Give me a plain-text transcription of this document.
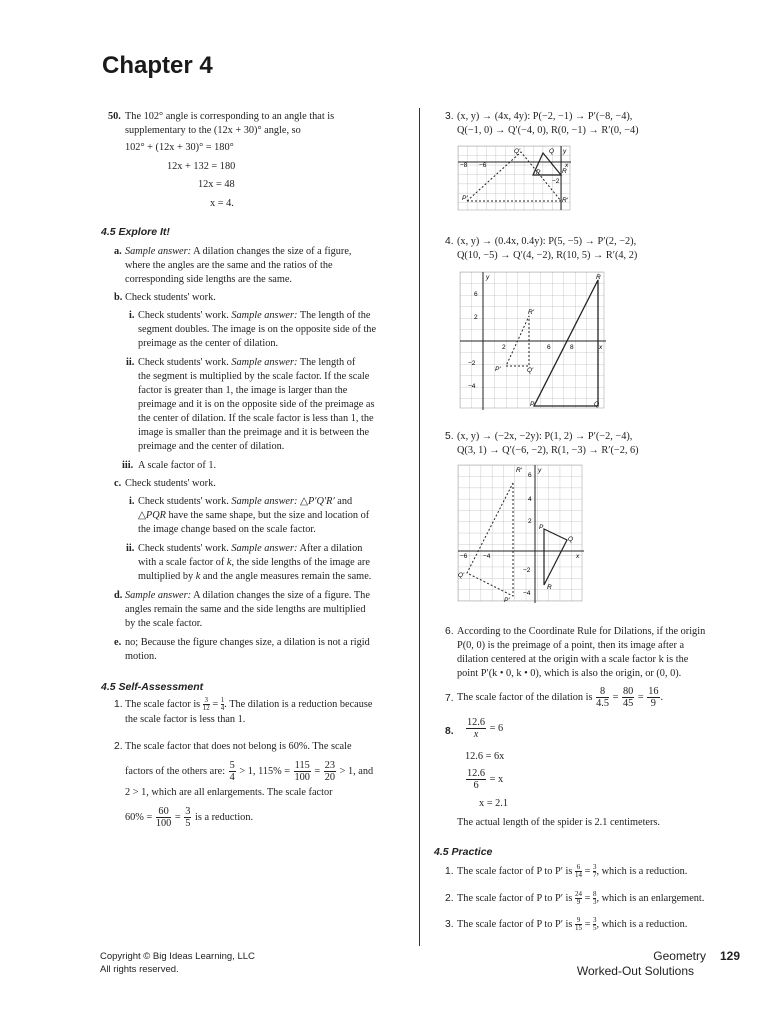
Chapter 4
50. The 102° angle is corresponding to an angle that is
supplementary to the (12x + 30)° angle, so
102° + (12x + 30)° = 180°
12x + 132 = 180
12x = 48
x = 4.
4.5 Explore It!
a. Sample answer: A dilation changes the size of a figure,
where the angles are the same and the ratios of the
corresponding side lengths are the same.
b. Check students' work.
i. Check students' work. Sample answer: The length of the
segment doubles. The image is on the opposite side of the
preimage as the center of dilation.
ii. Check students' work. Sample answer: The length of
the segment is multiplied by the scale factor. If the scale
factor is greater than 1, the image is larger than the
preimage and it is on the opposite side of the preimage as
the center of dilation. If the scale factor is less than 1, the
image is smaller than the preimage and it is between the
preimage and the center of dilation.
iii. A scale factor of 1.
c. Check students' work.
i. Check students' work. Sample answer: △P′Q′R′ and
△PQR have the same shape, but the size and location of
the image change based on the scale factor.
ii. Check students' work. Sample answer: After a dilation
with a scale factor of k, the side lengths of the image are
multiplied by k and the angle measures remain the same.
d. Sample answer: A dilation changes the size of a figure. The
angles remain the same and the side lengths are multiplied
by the scale factor.
e. no; Because the figure changes size, a dilation is not a rigid
motion.
4.5 Self-Assessment
1. The scale factor is $\frac{3}{12} = \frac{1}{4}$ . The dilation is a reduction because
the scale factor is less than 1.
2. The scale factor that does not belong is 60%. The scale
factors of the others are: $\frac{5}{4} > 1$, $115\% = \frac{115}{100} = \frac{23}{20} > 1$, and
2 > 1, which are all enlargements. The scale factor
$60\% = \frac{60}{100} = \frac{3}{5}$ is a reduction.
3. (x, y) → (4x, 4y): P(−2, −1) → P′(−8, −4),
Q(−1, 0) → Q′(−4, 0), R(0, −1) → R′(0, −4)
4. (x, y) → (0.4x, 0.4y): P(5, −5) → P′(2, −2),
Q(10, −5) → Q′(4, −2), R(10, 5) → R′(4, 2)
5. (x, y) → (−2x, −2y): P(1, 2) → P′(−2, −4),
Q(3, 1) → Q′(−6, −2), R(1, −3) → R′(−2, 6)
6. According to the Coordinate Rule for Dilations, if the origin
P(0, 0) is the preimage of a point, then its image after a
dilation centered at the origin with a scale factor k is the
point P′(k • 0, k • 0), which is also the origin, or (0, 0).
7. The scale factor of the dilation is $\frac{8}{4.5} = \frac{80}{45} = \frac{16}{9}$ .
8. $\frac{12.6}{x} = 6$
12.6 = 6x
$\frac{12.6}{6} = x$
x = 2.1
The actual length of the spider is 2.1 centimeters.
4.5 Practice
1. The scale factor of P to P′ is $\frac{6}{14} = \frac{3}{7}$ , which is a reduction.
2. The scale factor of P to P′ is $\frac{24}{9} = \frac{8}{3}$ , which is an enlargement.
3. The scale factor of P to P′ is $\frac{9}{15} = \frac{3}{5}$ , which is a reduction.
−8 −6
−2
x
y
Q′	Q
P	R
P′	R′
6
2
−2
−4
2	6	8	x
y	R
R′
P′	Q′
P	Q
6
4
2
−2
−4
−6 −4	x
y
R′
P
Q
R
Q′
P′
Copyright © Big Ideas Learning, LLC
All rights reserved.
Geometry 129
Worked-Out Solutions
